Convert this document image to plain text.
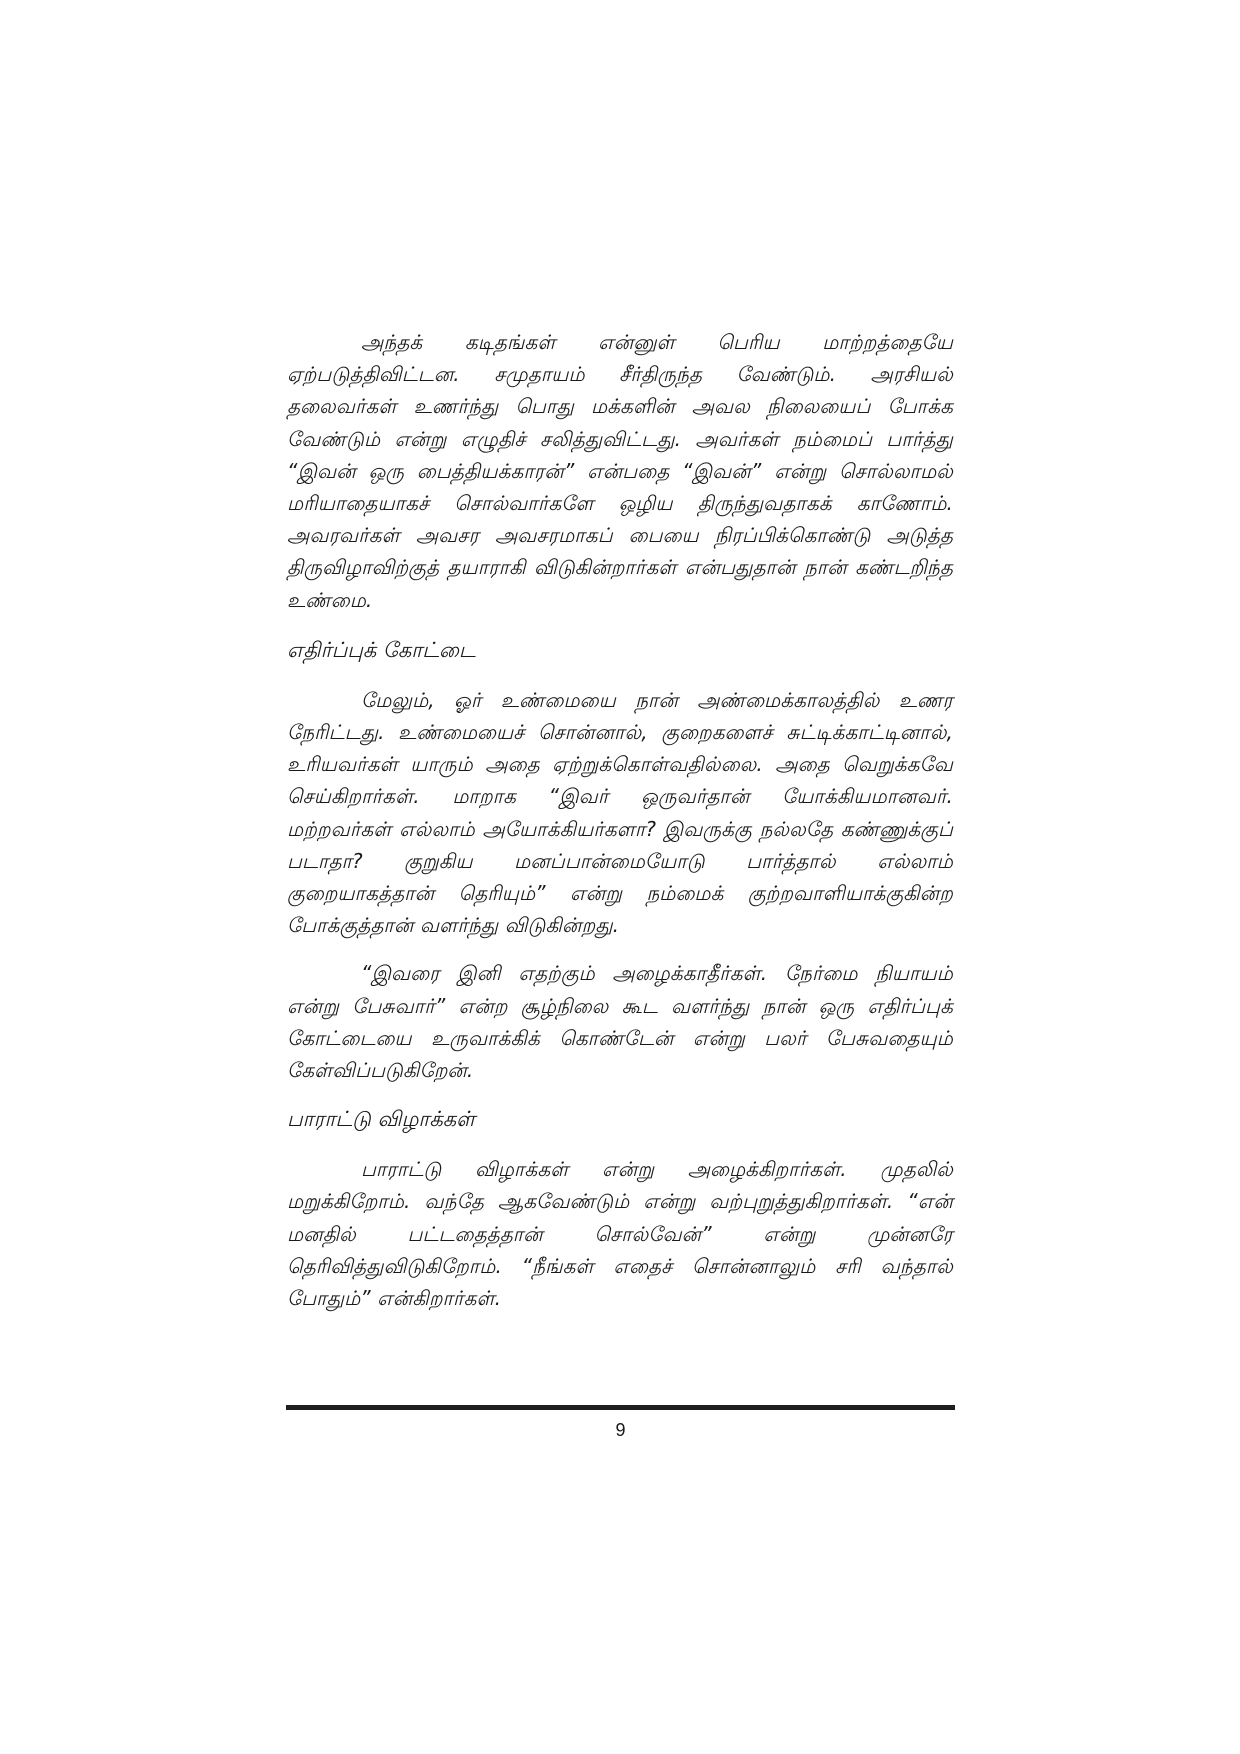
அந்தக் கடிதங்கள் என்னுள் பெரிய மாற்றத்தையே ஏற்படுத்திவிட்டன. சமுதாயம் சீர்திருந்த வேண்டும். அரசியல் தலைவர்கள் உணர்ந்து பொது மக்களின் அவல நிலையைப் போக்க வேண்டும் என்று எழுதிச் சலித்துவிட்டது. அவர்கள் நம்மைப் பார்த்து “இவன் ஒரு பைத்தியக்காரன்” என்பதை “இவன்” என்று சொல்லாமல் மரியாதையாகச் சொல்வார்களே ஒழிய திருந்துவதாகக் காணோம். அவரவர்கள் அவசர அவசரமாகப் பையை நிரப்பிக்கொண்டு அடுத்த திருவிழாவிற்குத் தயாராகி விடுகின்றார்கள் என்பதுதான் நான் கண்டறிந்த உண்மை.

எதிர்ப்புக் கோட்டை

மேலும், ஓர் உண்மையை நான் அண்மைக்காலத்தில் உணர நேரிட்டது. உண்மையைச் சொன்னால், குறைகளைச் சுட்டிக்காட்டினால், உரியவர்கள் யாரும் அதை ஏற்றுக்கொள்வதில்லை. அதை வெறுக்கவே செய்கிறார்கள். மாறாக “இவர் ஒருவர்தான் யோக்கியமானவர். மற்றவர்கள் எல்லாம் அயோக்கியர்களா? இவருக்கு நல்லதே கண்ணுக்குப் படாதா? குறுகிய மனப்பான்மையோடு பார்த்தால் எல்லாம் குறையாகத்தான் தெரியும்” என்று நம்மைக் குற்றவாளியாக்குகின்ற போக்குத்தான் வளர்ந்து விடுகின்றது.

“இவரை இனி எதற்கும் அழைக்காதீர்கள். நேர்மை நியாயம் என்று பேசுவார்” என்ற சூழ்நிலை கூட வளர்ந்து நான் ஒரு எதிர்ப்புக் கோட்டையை உருவாக்கிக் கொண்டேன் என்று பலர் பேசுவதையும் கேள்விப்படுகிறேன்.

பாராட்டு விழாக்கள்

பாராட்டு விழாக்கள் என்று அழைக்கிறார்கள். முதலில் மறுக்கிறோம். வந்தே ஆகவேண்டும் என்று வற்புறுத்துகிறார்கள். “என் மனதில் பட்டதைத்தான் சொல்வேன்” என்று முன்னரே தெரிவித்துவிடுகிறோம். “நீங்கள் எதைச் சொன்னாலும் சரி வந்தால் போதும்” என்கிறார்கள்.

9
